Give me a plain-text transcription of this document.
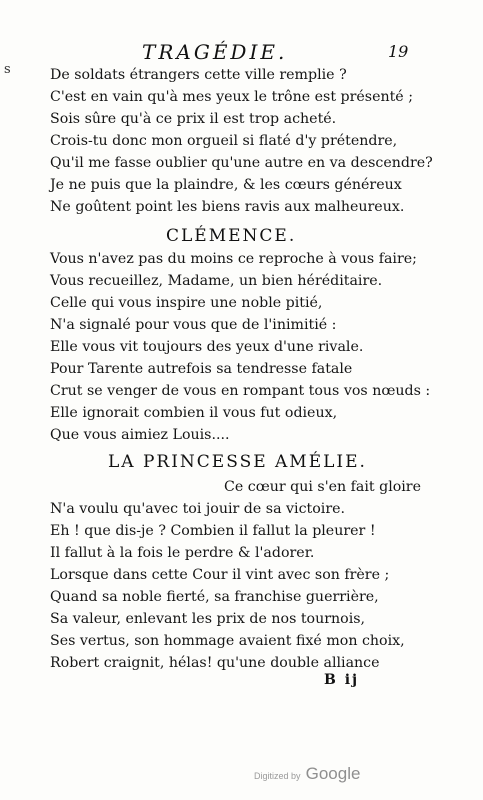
s
TRAGÉDIE.	19
De soldats étrangers cette ville remplie ?
C'est en vain qu'à mes yeux le trône est présenté ;
Sois sûre qu'à ce prix il est trop acheté.
Crois-tu donc mon orgueil si flaté d'y prétendre,
Qu'il me fasse oublier qu'une autre en va descendre?
Je ne puis que la plaindre, & les cœurs généreux
Ne goûtent point les biens ravis aux malheureux.
CLÉMENCE.
Vous n'avez pas du moins ce reproche à vous faire;
Vous recueillez, Madame, un bien héréditaire.
Celle qui vous inspire une noble pitié,
N'a signalé pour vous que de l'inimitié :
Elle vous vit toujours des yeux d'une rivale.
Pour Tarente autrefois sa tendresse fatale
Crut se venger de vous en rompant tous vos nœuds :
Elle ignorait combien il vous fut odieux,
Que vous aimiez Louis....
LA PRINCESSE AMÉLIE.
Ce cœur qui s'en fait gloire
N'a voulu qu'avec toi jouir de sa victoire.
Eh ! que dis-je ? Combien il fallut la pleurer !
Il fallut à la fois le perdre & l'adorer.
Lorsque dans cette Cour il vint avec son frère ;
Quand sa noble fierté, sa franchise guerrière,
Sa valeur, enlevant les prix de nos tournois,
Ses vertus, son hommage avaient fixé mon choix,
Robert craignit, hélas! qu'une double alliance
B ij
Digitized by Google
